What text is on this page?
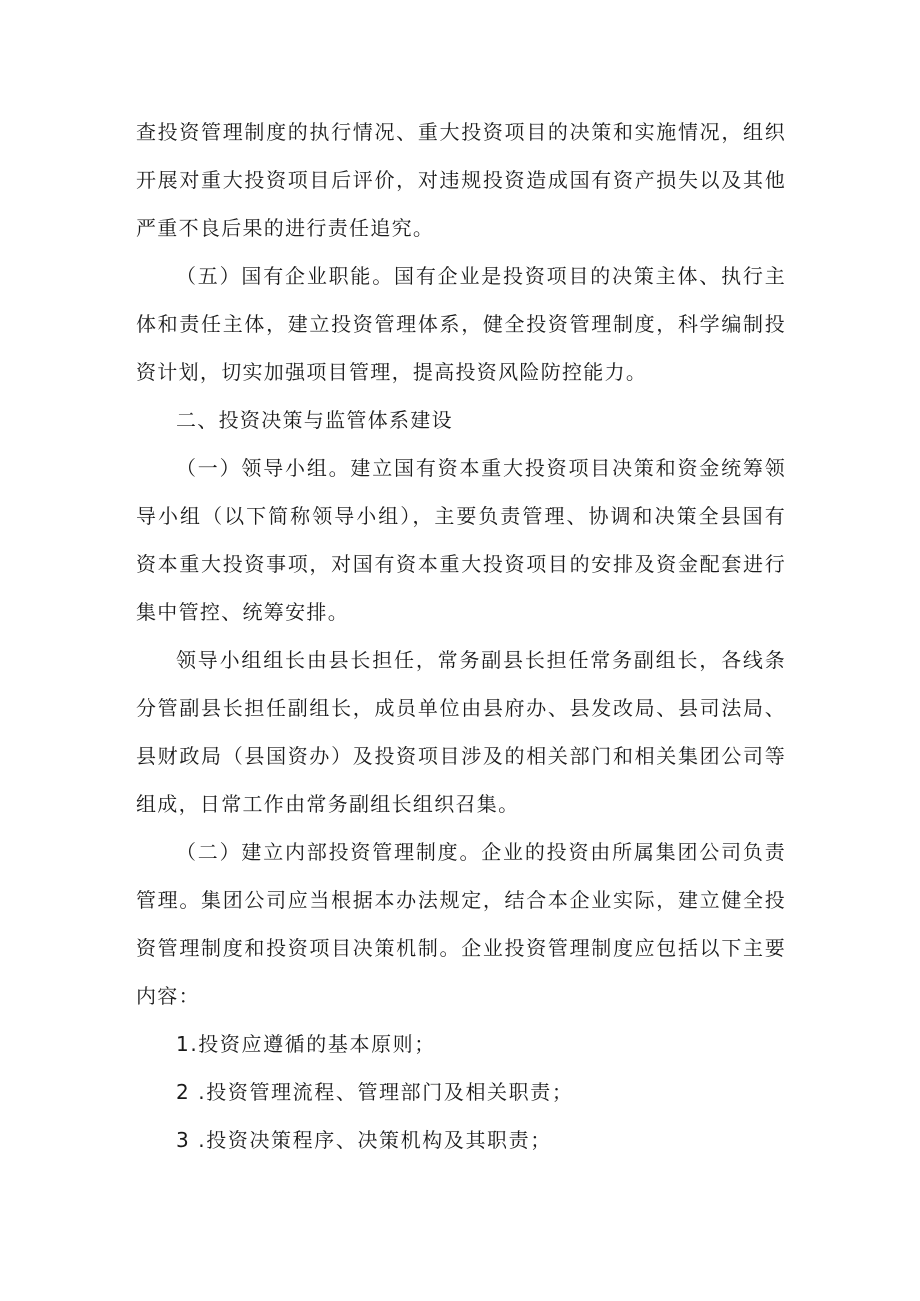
查投资管理制度的执行情况、重大投资项目的决策和实施情况，组织开展对重大投资项目后评价，对违规投资造成国有资产损失以及其他严重不良后果的进行责任追究。

（五）国有企业职能。国有企业是投资项目的决策主体、执行主体和责任主体，建立投资管理体系，健全投资管理制度，科学编制投资计划，切实加强项目管理，提高投资风险防控能力。

二、投资决策与监管体系建设

（一）领导小组。建立国有资本重大投资项目决策和资金统筹领导小组（以下简称领导小组），主要负责管理、协调和决策全县国有资本重大投资事项，对国有资本重大投资项目的安排及资金配套进行集中管控、统筹安排。

领导小组组长由县长担任，常务副县长担任常务副组长，各线条分管副县长担任副组长，成员单位由县府办、县发改局、县司法局、县财政局（县国资办）及投资项目涉及的相关部门和相关集团公司等组成，日常工作由常务副组长组织召集。

（二）建立内部投资管理制度。企业的投资由所属集团公司负责管理。集团公司应当根据本办法规定，结合本企业实际，建立健全投资管理制度和投资项目决策机制。企业投资管理制度应包括以下主要内容：

1.投资应遵循的基本原则；

2 .投资管理流程、管理部门及相关职责；

3 .投资决策程序、决策机构及其职责；
